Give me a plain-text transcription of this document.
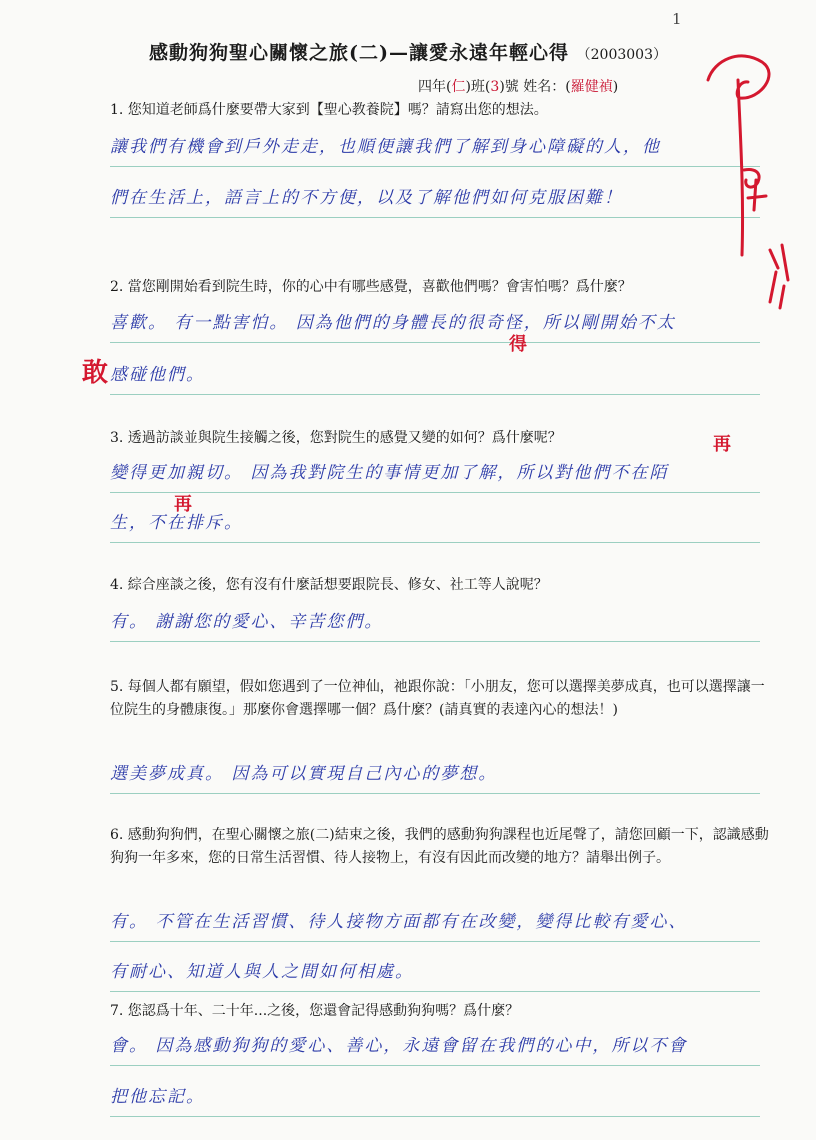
感動狗狗聖心關懷之旅(二)—讓愛永遠年輕心得 （2003003）
四年(仁)班(3)號 姓名：(羅健禎)
1. 您知道老師爲什麼要帶大家到【聖心教養院】嗎？請寫出您的想法。
讓我們有機會到戶外走走，也順便讓我們了解到身心障礙的人，他
們在生活上，語言上的不方便，以及了解他們如何克服困難！
2. 當您剛開始看到院生時，你的心中有哪些感覺，喜歡他們嗎？會害怕嗎？爲什麼？
喜歡。 有一點害怕。 因為他們的身體長的很奇怪，所以剛開始不太
感碰他們。
3. 透過訪談並與院生接觸之後，您對院生的感覺又變的如何？爲什麼呢？
變得更加親切。 因為我對院生的事情更加了解，所以對他們不在陌
生，不在排斥。
4. 綜合座談之後，您有沒有什麼話想要跟院長、修女、社工等人說呢？
有。 謝謝您的愛心、辛苦您們。
5. 每個人都有願望，假如您遇到了一位神仙，祂跟你說：「小朋友，您可以選擇美夢成真，也可以選擇讓一位院生的身體康復。」那麼你會選擇哪一個？爲什麼？(請真實的表達內心的想法！)
選美夢成真。 因為可以實現自己內心的夢想。
6. 感動狗狗們，在聖心關懷之旅(二)結束之後，我們的感動狗狗課程也近尾聲了，請您回顧一下，認識感動狗狗一年多來，您的日常生活習慣、待人接物上，有沒有因此而改變的地方？請舉出例子。
有。 不管在生活習慣、待人接物方面都有在改變，變得比較有愛心、
有耐心、知道人與人之間如何相處。
7. 您認爲十年、二十年...之後，您還會記得感動狗狗嗎？爲什麼？
會。 因為感動狗狗的愛心、善心，永遠會留在我們的心中，所以不會
把他忘記。
得
敢
再
再
1
